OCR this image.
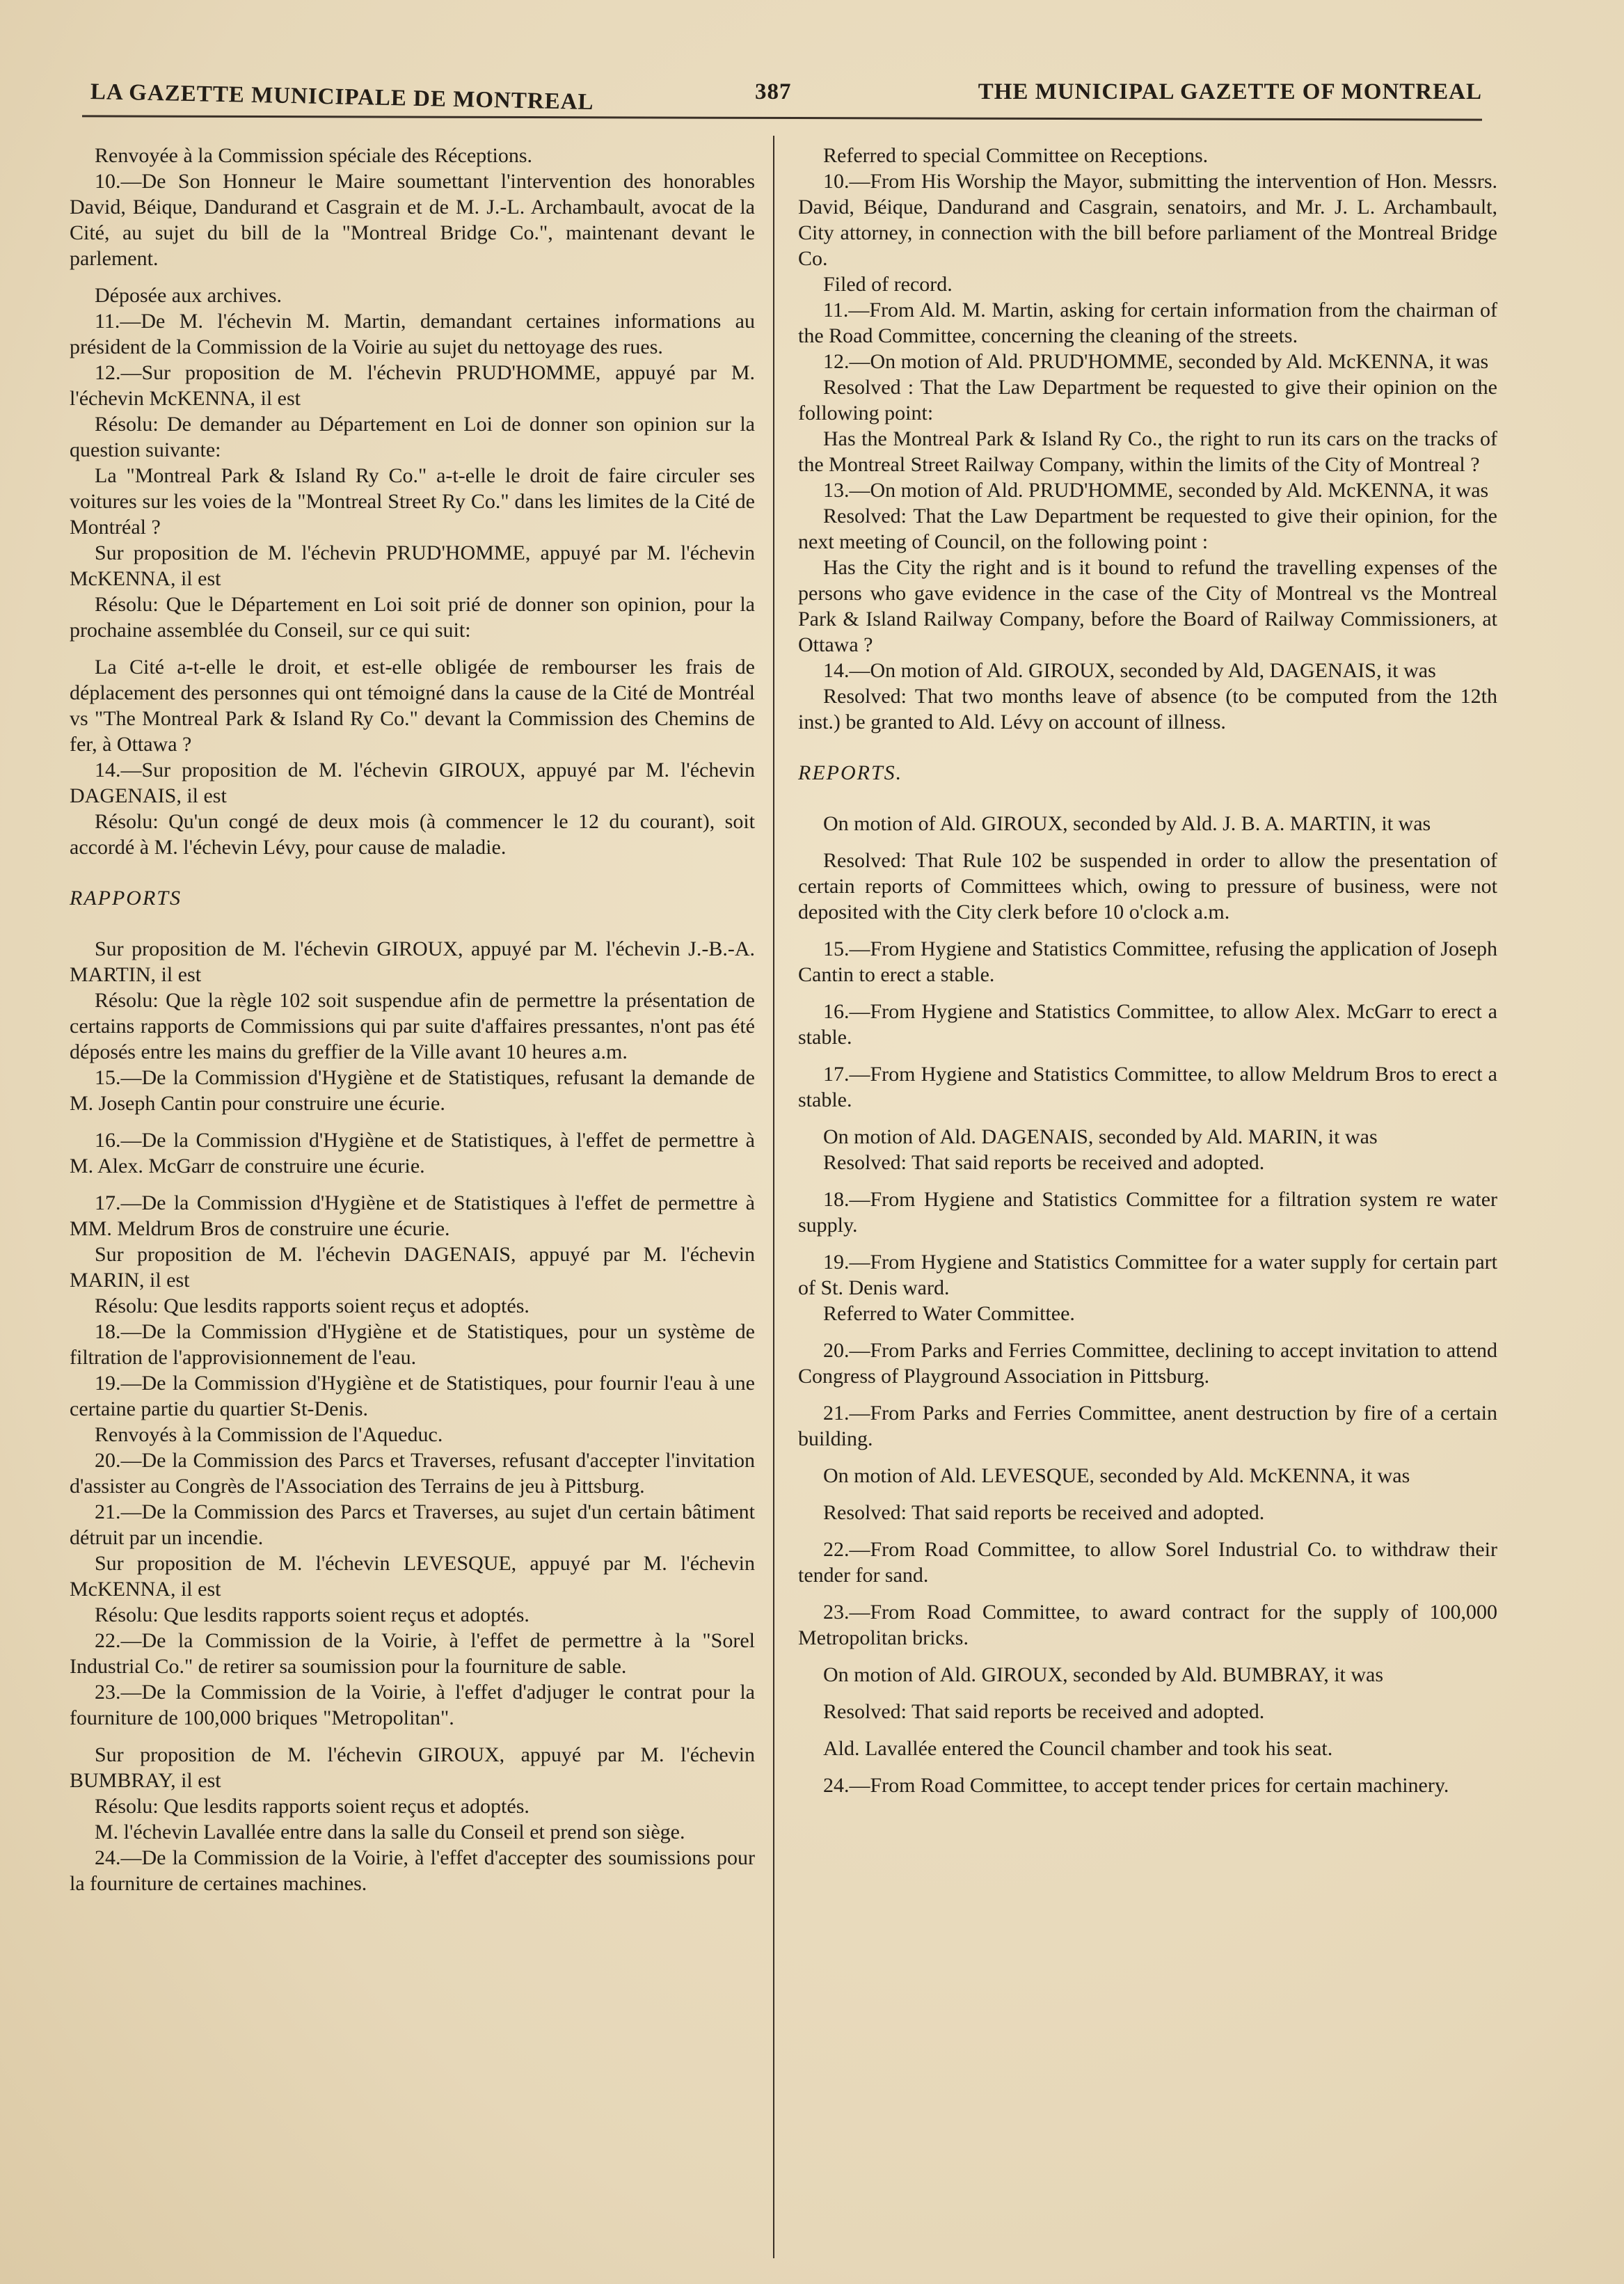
LA GAZETTE MUNICIPALE DE MONTREAL	387	THE MUNICIPAL GAZETTE OF MONTREAL

Renvoyée à la Commission spéciale des Réceptions.

10.—De Son Honneur le Maire soumettant l'intervention des honorables David, Béique, Dandurand et Casgrain et de M. J.-L. Archambault, avocat de la Cité, au sujet du bill de la "Montreal Bridge Co.", maintenant devant le parlement.

Déposée aux archives.

11.—De M. l'échevin M. Martin, demandant certaines informations au président de la Commission de la Voirie au sujet du nettoyage des rues.

12.—Sur proposition de M. l'échevin PRUD'HOMME, appuyé par M. l'échevin McKENNA, il est

Résolu: De demander au Département en Loi de donner son opinion sur la question suivante:

La "Montreal Park & Island Ry Co." a-t-elle le droit de faire circuler ses voitures sur les voies de la "Montreal Street Ry Co." dans les limites de la Cité de Montréal ?

Sur proposition de M. l'échevin PRUD'HOMME, appuyé par M. l'échevin McKENNA, il est

Résolu: Que le Département en Loi soit prié de donner son opinion, pour la prochaine assemblée du Conseil, sur ce qui suit:

La Cité a-t-elle le droit, et est-elle obligée de rembourser les frais de déplacement des personnes qui ont témoigné dans la cause de la Cité de Montréal vs "The Montreal Park & Island Ry Co." devant la Commission des Chemins de fer, à Ottawa ?

14.—Sur proposition de M. l'échevin GIROUX, appuyé par M. l'échevin DAGENAIS, il est

Résolu: Qu'un congé de deux mois (à commencer le 12 du courant), soit accordé à M. l'échevin Lévy, pour cause de maladie.

RAPPORTS

Sur proposition de M. l'échevin GIROUX, appuyé par M. l'échevin J.-B.-A. MARTIN, il est

Résolu: Que la règle 102 soit suspendue afin de permettre la présentation de certains rapports de Commissions qui par suite d'affaires pressantes, n'ont pas été déposés entre les mains du greffier de la Ville avant 10 heures a.m.

15.—De la Commission d'Hygiène et de Statistiques, refusant la demande de M. Joseph Cantin pour construire une écurie.

16.—De la Commission d'Hygiène et de Statistiques, à l'effet de permettre à M. Alex. McGarr de construire une écurie.

17.—De la Commission d'Hygiène et de Statistiques à l'effet de permettre à MM. Meldrum Bros de construire une écurie.

Sur proposition de M. l'échevin DAGENAIS, appuyé par M. l'échevin MARIN, il est

Résolu: Que lesdits rapports soient reçus et adoptés.

18.—De la Commission d'Hygiène et de Statistiques, pour un système de filtration de l'approvisionnement de l'eau.

19.—De la Commission d'Hygiène et de Statistiques, pour fournir l'eau à une certaine partie du quartier St-Denis.

Renvoyés à la Commission de l'Aqueduc.

20.—De la Commission des Parcs et Traverses, refusant d'accepter l'invitation d'assister au Congrès de l'Association des Terrains de jeu à Pittsburg.

21.—De la Commission des Parcs et Traverses, au sujet d'un certain bâtiment détruit par un incendie.

Sur proposition de M. l'échevin LEVESQUE, appuyé par M. l'échevin McKENNA, il est

Résolu: Que lesdits rapports soient reçus et adoptés.

22.—De la Commission de la Voirie, à l'effet de permettre à la "Sorel Industrial Co." de retirer sa soumission pour la fourniture de sable.

23.—De la Commission de la Voirie, à l'effet d'adjuger le contrat pour la fourniture de 100,000 briques "Metropolitan".

Sur proposition de M. l'échevin GIROUX, appuyé par M. l'échevin BUMBRAY, il est

Résolu: Que lesdits rapports soient reçus et adoptés.

M. l'échevin Lavallée entre dans la salle du Conseil et prend son siège.

24.—De la Commission de la Voirie, à l'effet d'accepter des soumissions pour la fourniture de certaines machines.

Referred to special Committee on Receptions.

10.—From His Worship the Mayor, submitting the intervention of Hon. Messrs. David, Béique, Dandurand and Casgrain, senatoirs, and Mr. J. L. Archambault, City attorney, in connection with the bill before parliament of the Montreal Bridge Co.

Filed of record.

11.—From Ald. M. Martin, asking for certain information from the chairman of the Road Committee, concerning the cleaning of the streets.

12.—On motion of Ald. PRUD'HOMME, seconded by Ald. McKENNA, it was

Resolved : That the Law Department be requested to give their opinion on the following point:

Has the Montreal Park & Island Ry Co., the right to run its cars on the tracks of the Montreal Street Railway Company, within the limits of the City of Montreal ?

13.—On motion of Ald. PRUD'HOMME, seconded by Ald. McKENNA, it was

Resolved: That the Law Department be requested to give their opinion, for the next meeting of Council, on the following point :

Has the City the right and is it bound to refund the travelling expenses of the persons who gave evidence in the case of the City of Montreal vs the Montreal Park & Island Railway Company, before the Board of Railway Commissioners, at Ottawa ?

14.—On motion of Ald. GIROUX, seconded by Ald, DAGENAIS, it was

Resolved: That two months leave of absence (to be computed from the 12th inst.) be granted to Ald. Lévy on account of illness.

REPORTS.

On motion of Ald. GIROUX, seconded by Ald. J. B. A. MARTIN, it was

Resolved: That Rule 102 be suspended in order to allow the presentation of certain reports of Committees which, owing to pressure of business, were not deposited with the City clerk before 10 o'clock a.m.

15.—From Hygiene and Statistics Committee, refusing the application of Joseph Cantin to erect a stable.

16.—From Hygiene and Statistics Committee, to allow Alex. McGarr to erect a stable.

17.—From Hygiene and Statistics Committee, to allow Meldrum Bros to erect a stable.

On motion of Ald. DAGENAIS, seconded by Ald. MARIN, it was

Resolved: That said reports be received and adopted.

18.—From Hygiene and Statistics Committee for a filtration system re water supply.

19.—From Hygiene and Statistics Committee for a water supply for certain part of St. Denis ward.

Referred to Water Committee.

20.—From Parks and Ferries Committee, declining to accept invitation to attend Congress of Playground Association in Pittsburg.

21.—From Parks and Ferries Committee, anent destruction by fire of a certain building.

On motion of Ald. LEVESQUE, seconded by Ald. McKENNA, it was

Resolved: That said reports be received and adopted.

22.—From Road Committee, to allow Sorel Industrial Co. to withdraw their tender for sand.

23.—From Road Committee, to award contract for the supply of 100,000 Metropolitan bricks.

On motion of Ald. GIROUX, seconded by Ald. BUMBRAY, it was

Resolved: That said reports be received and adopted.

Ald. Lavallée entered the Council chamber and took his seat.

24.—From Road Committee, to accept tender prices for certain machinery.
